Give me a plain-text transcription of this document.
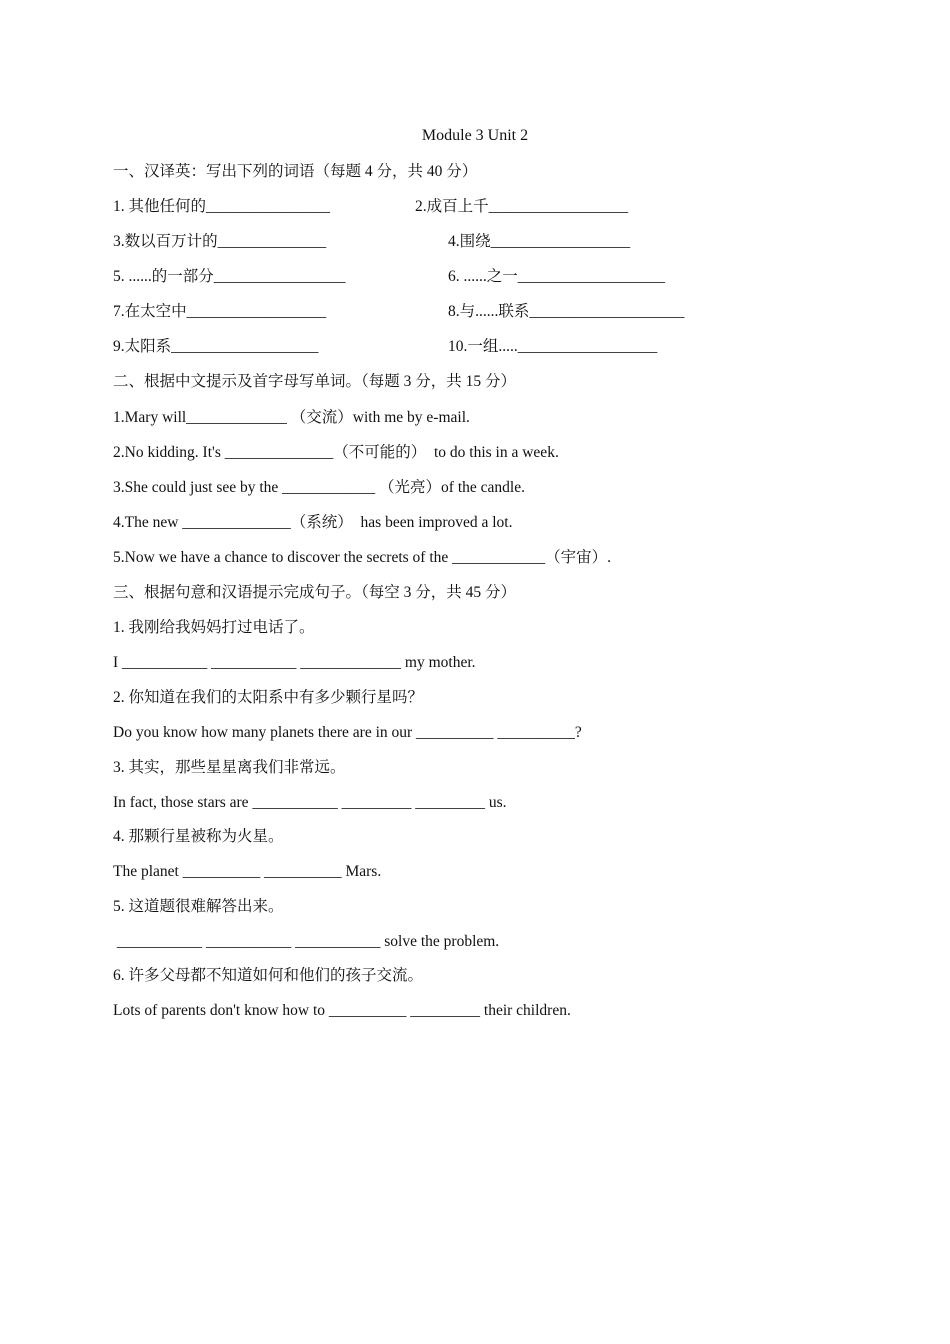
Module 3 Unit 2
一、汉译英：写出下列的词语（每题 4 分，共 40 分）
1. 其他任何的________________	2.成百上千__________________
3.数以百万计的______________	4.围绕__________________
5. ......的一部分_________________	6. ......之一___________________
7.在太空中__________________	8.与......联系____________________
9.太阳系___________________	10.一组.....__________________
二、根据中文提示及首字母写单词。（每题 3 分，共 15 分）
1.Mary will_____________ （交流）with me by e-mail.
2.No kidding. It's ______________（不可能的）  to do this in a week.
3.She could just see by the ____________ （光亮）of the candle.
4.The new ______________（系统）  has been improved a lot.
5.Now we have a chance to discover the secrets of the ____________（宇宙）.
三、根据句意和汉语提示完成句子。（每空 3 分，共 45 分）
1. 我刚给我妈妈打过电话了。
I ___________ ___________ _____________ my mother.
2. 你知道在我们的太阳系中有多少颗行星吗？
Do you know how many planets there are in our __________ __________?
3. 其实，那些星星离我们非常远。
In fact, those stars are ___________ _________ _________ us.
4. 那颗行星被称为火星。
The planet __________ __________ Mars.
5. 这道题很难解答出来。
___________ ___________ ___________ solve the problem.
6. 许多父母都不知道如何和他们的孩子交流。
Lots of parents don't know how to __________ _________ their children.
